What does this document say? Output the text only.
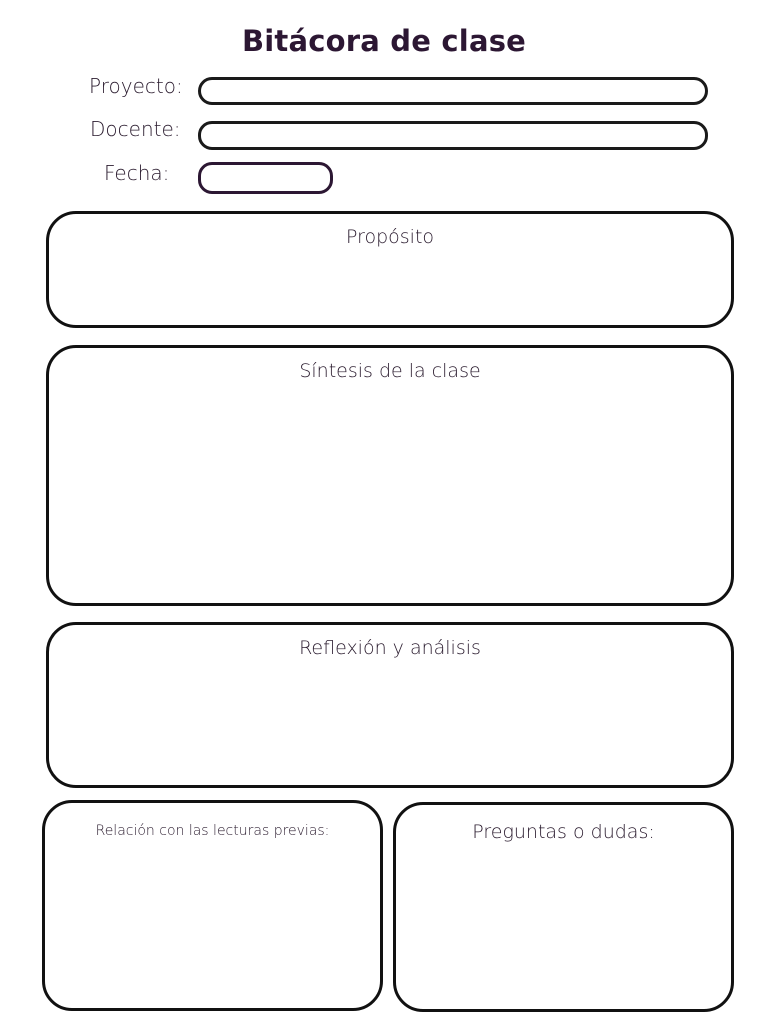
Bitácora de clase
Proyecto:
Docente:
Fecha:
Propósito
Síntesis de la clase
Reflexión y análisis
Relación con las lecturas previas:	Preguntas o dudas:
